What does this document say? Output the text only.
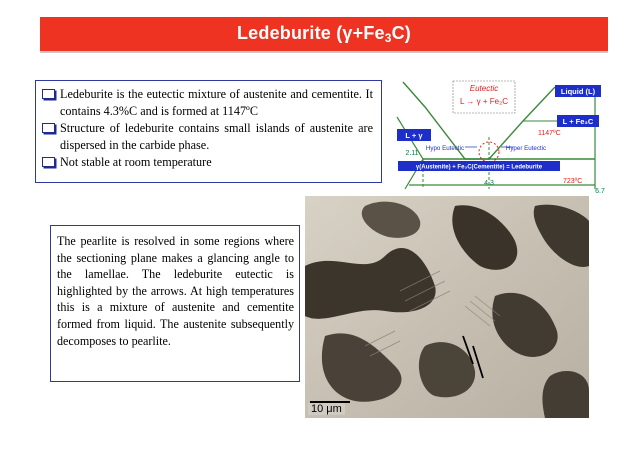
Ledeburite $(\gamma+Fe_3C)$
Ledeburite is the eutectic mixture of austenite and cementite. It contains 4.3%C and is formed at 1147ºC
Structure of ledeburite contains small islands of austenite are dispersed in the carbide phase.
Not stable at room temperature
Eutectic
L → γ + Fe₂C
Liquid (L)
L + γ
L + Fe₃C
1147ºC
Hypo Eutectic	Hyper Eutectic
2.11
γ(Austenite) + Fe₃C(Cementite) = Ledeburite
723ºC
4.3
6.7

The pearlite is resolved in some regions where the sectioning plane makes a glancing angle to the lamellae. The ledeburite eutectic is highlighted by the arrows. At high temperatures this is a mixture of austenite and cementite formed from liquid. The austenite subsequently decomposes to pearlite.

10 μm
